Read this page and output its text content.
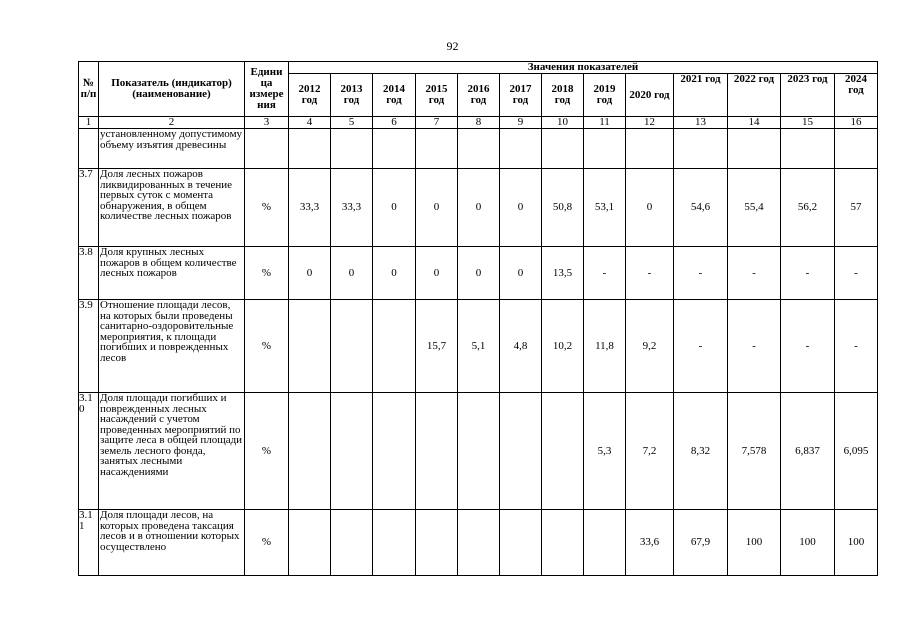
92
№ п/п	Показатель (индикатор) (наименование)	Едини ца измере ния	Значения показателей												
			2012 год	2013 год	2014 год	2015 год	2016 год	2017 год	2018 год	2019 год	2020 год	2021 год	2022 год	2023 год	2024 год
1	2	3	4	5	6	7	8	9	10	11	12	13	14	15	16
	установленному допустимому объему изъятия древесины														
3.7	Доля лесных пожаров ликвидированных в течение первых суток с момента обнаружения, в общем количестве лесных пожаров	%	33,3	33,3	0	0	0	0	50,8	53,1	0	54,6	55,4	56,2	57
3.8	Доля крупных лесных пожаров в общем количестве лесных пожаров	%	0	0	0	0	0	0	13,5	-	-	-	-	-	-
3.9	Отношение площади лесов, на которых были проведены санитарно-оздоровительные мероприятия, к площади погибших и поврежденных лесов	%				15,7	5,1	4,8	10,2	11,8	9,2	-	-	-	-
3.1 0	Доля площади погибших и поврежденных лесных насаждений с учетом проведенных мероприятий по защите леса в общей площади земель лесного фонда, занятых лесными насаждениями	%								5,3	7,2	8,32	7,578	6,837	6,095
3.1 1	Доля площади лесов, на которых проведена таксация лесов и в отношении которых осуществлено	%									33,6	67,9	100	100	100
